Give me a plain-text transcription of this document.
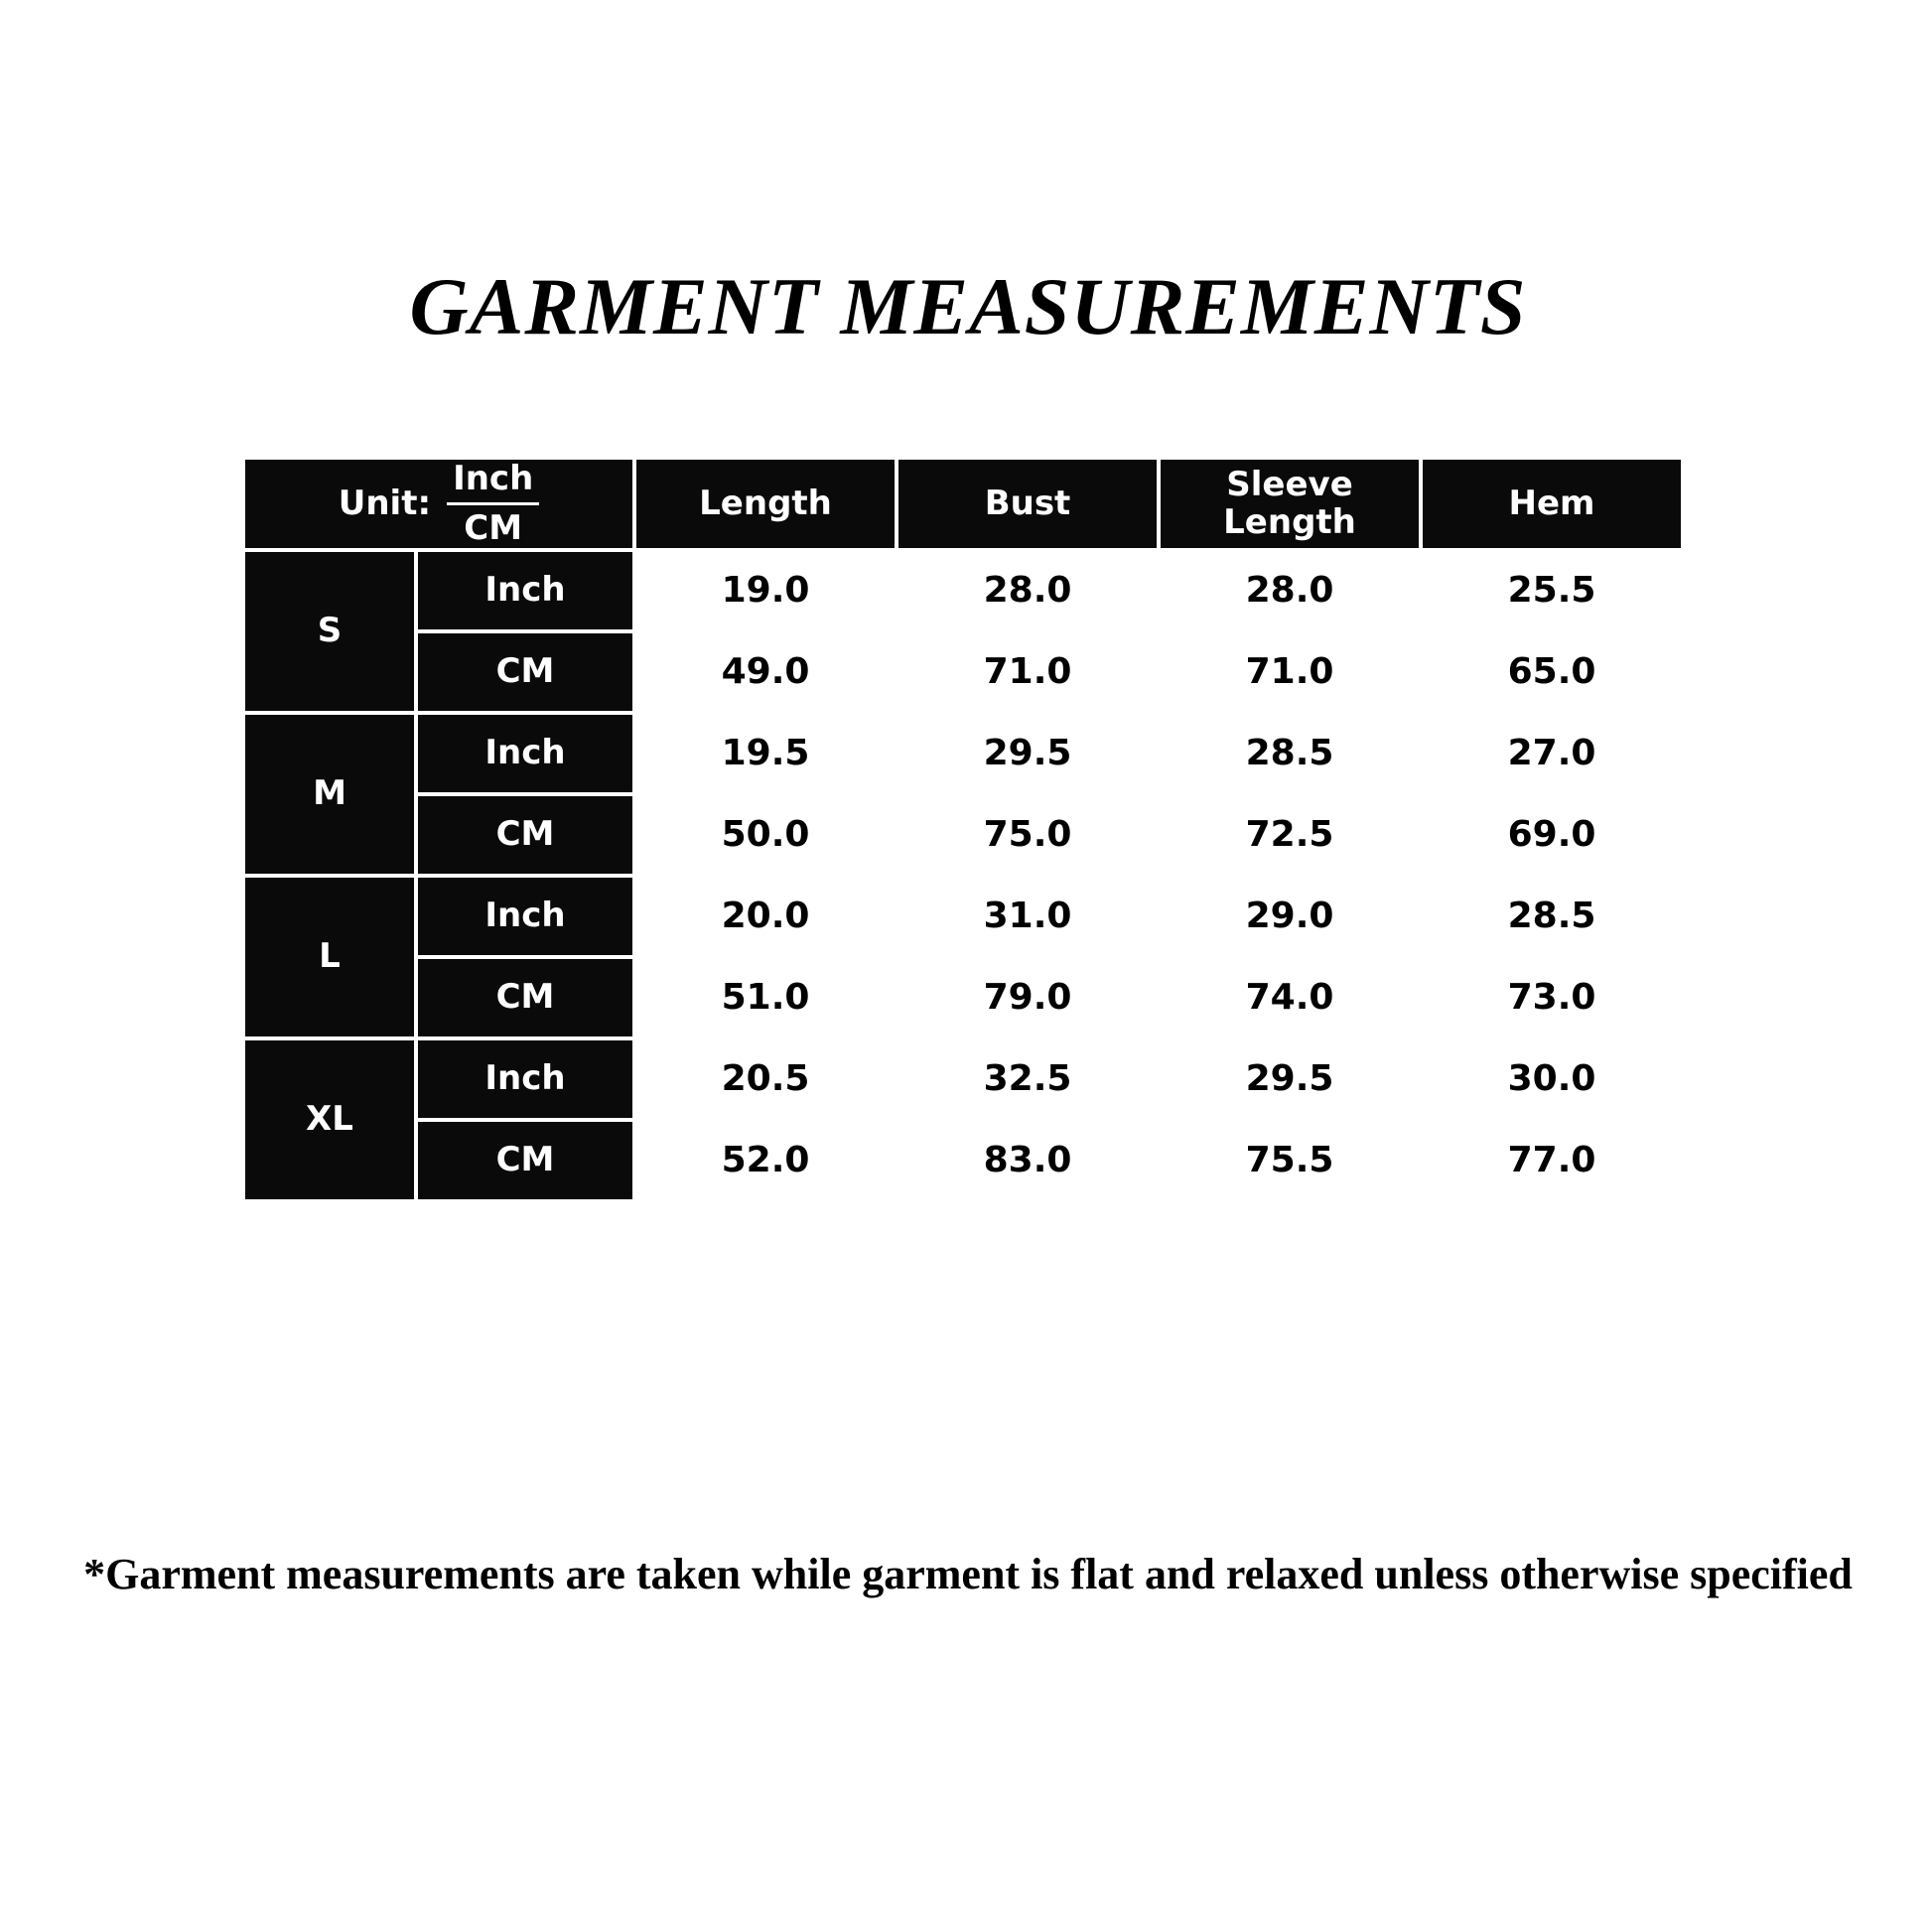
GARMENT MEASUREMENTS
Unit: $\frac{\text{Inch}}{CM}$		Length	Bust	Sleeve Length	Hem
S	Inch	19.0	28.0	28.0	25.5
	CM	49.0	71.0	71.0	65.0
M	Inch	19.5	29.5	28.5	27.0
	CM	50.0	75.0	72.5	69.0
L	Inch	20.0	31.0	29.0	28.5
	CM	51.0	79.0	74.0	73.0
XL	Inch	20.5	32.5	29.5	30.0
	CM	52.0	83.0	75.5	77.0
*Garment measurements are taken while garment is flat and relaxed unless otherwise specified
